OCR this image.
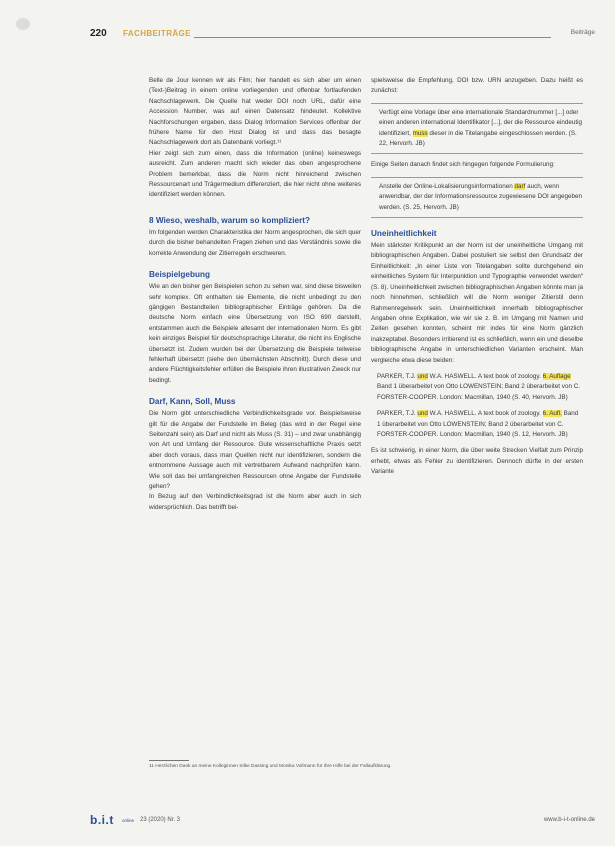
220 FACHBEITRÄGE	Beiträge

Belle de Jour kennen wir als Film; hier handelt es sich aber um einen (Text-)Beitrag in einem online vorliegenden und offenbar fortlaufenden Nachschlagewerk. Die Quelle hat weder DOI noch URL, dafür eine Accession Number, was auf einen Datensatz hindeutet. Kollektive Nachforschungen ergaben, dass Dialog Information Services offenbar der frühere Name für den Host Dialog ist und dass das besagte Nachschlagewerk dort als Datenbank vorliegt.¹¹

Hier zeigt sich zum einen, dass die Information (online) keineswegs ausreicht. Zum anderen macht sich wieder das oben angesprochene Problem bemerkbar, dass die Norm nicht hinreichend zwischen Ressourcenart und Trägermedium differenziert, die hier nicht ohne weiteres identifiziert werden können.

8 Wieso, weshalb, warum so kompliziert?

Im folgenden werden Charakteristika der Norm angesprochen, die sich quer durch die bisher behandelten Fragen ziehen und das Verständnis sowie die korrekte Anwendung der Zitierregeln erschweren.

Beispielgebung

Wie an den bisher gen Beispielen schon zu sehen war, sind diese bisweilen sehr komplex. Oft enthalten sie Elemente, die nicht unbedingt zu den gängigen Bestandteilen bibliographischer Einträge gehören. Da die deutsche Norm einfach eine Übersetzung von ISO 690 darstellt, entstammen auch die Beispiele allesamt der internationalen Norm. Es gibt kein einziges Beispiel für deutschsprachige Literatur, die nicht ins Englische übersetzt ist. Zudem wurden bei der Übersetzung die Beispiele teilweise fehlerhaft übersetzt (siehe den übernächsten Abschnitt). Durch diese und andere Flüchtigkeitsfehler erfüllen die Beispiele ihren illustrativen Zweck nur bedingt.

Darf, Kann, Soll, Muss

Die Norm gibt unterschiedliche Verbindlichkeitsgrade vor. Beispielsweise gilt für die Angabe der Fundstelle im Beleg (das wird in der Regel eine Seitenzahl sein) als Darf und nicht als Muss (S. 31) – und zwar unabhängig von Art und Umfang der Ressource. Gute wissenschaftliche Praxis setzt aber doch voraus, dass man Quellen nicht nur identifizieren, sondern die entnommene Aussage auch mit vertretbarem Aufwand nachprüfen kann. Wie soll das bei umfangreichen Ressourcen ohne Angabe der Fundstelle gehen?

In Bezug auf den Verbindlichkeitsgrad ist die Norm aber auch in sich widersprüchlich. Das betrifft bei-

spielsweise die Empfehlung, DOI bzw. URN anzugeben. Dazu heißt es zunächst:

Verfügt eine Vorlage über eine internationale Standardnummer [...] oder einen anderen international Identifikator [...], der die Ressource eindeutig identifiziert, muss dieser in die Titelangabe eingeschlossen werden. (S. 22, Hervorh. JB)

Einige Seiten danach findet sich hingegen folgende Formulierung:

Anstelle der Online-Lokalisierungsinformationen darf auch, wenn anwendbar, der der Informationsressource zugewiesene DOI angegeben werden. (S. 25, Hervorh. JB)
Uneinheitlichkeit

Mein stärkster Kritikpunkt an der Norm ist der uneinheitliche Umgang mit bibliographischen Angaben. Dabei postuliert sie selbst den Grundsatz der Einheitlichkeit: „In einer Liste von Titelangaben sollte durchgehend ein einheitliches System für Interpunktion und Typographie verwendet werden“ (S. 8). Uneinheitlichkeit zwischen bibliographischen Angaben könnte man ja noch hinnehmen, schließlich will die Norm weniger Zitierstil denn Rahmenregelwerk sein. Uneinheitlichkeit innerhalb bibliographischer Angaben ohne Explikation, wie wir sie z. B. im Umgang mit Namen und Zeiten gesehen konnten, scheint mir indes für eine Norm gänzlich inakzeptabel. Besonders irritierend ist es schließlich, wenn ein und dieselbe bibliographische Angabe in unterschiedlichen Varianten erscheint. Man vergleiche etwa diese beiden:

PARKER, T.J. und W.A. HASWELL. A text book of zoology. 6. Auflage Band 1 überarbeitet von Otto LOWENSTEIN; Band 2 überarbeitet von C. FORSTER-COOPER. London: Macmillan, 1940 (S. 40, Hervorh. JB)
PARKER, T.J. und W.A. HASWELL. A text book of zoology. 6. Aufl. Band 1 überarbeitet von Otto LOWENSTEIN; Band 2 überarbeitet von C. FORSTER-COOPER. London: Macmillan, 1940 (S. 12, Hervorh. JB)

Es ist schwierig, in einer Norm, die über weite Strecken Vielfalt zum Prinzip erhebt, etwas als Fehler zu identifizieren. Dennoch dürfte in der ersten Variante

11 Herzlichen Dank an meine Kolleginnen Silke Dassing und Monika Vollmann für ihre Hilfe bei der Fallaufklärung.
b.i.t online 23 (2020) Nr. 3	www.b-i-t-online.de
